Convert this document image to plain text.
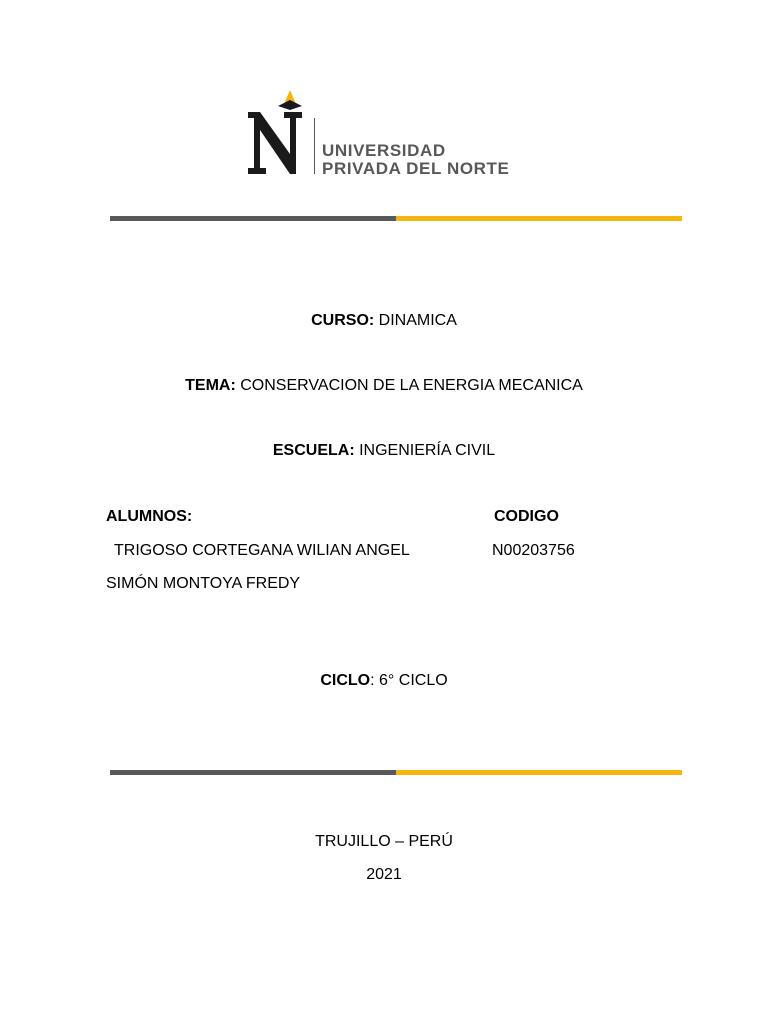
UNIVERSIDAD
PRIVADA DEL NORTE
CURSO: DINAMICA
TEMA: CONSERVACION DE LA ENERGIA MECANICA
ESCUELA: INGENIERÍA CIVIL
ALUMNOS:	CODIGO
TRIGOSO CORTEGANA WILIAN ANGEL	N00203756
SIMÓN MONTOYA FREDY
CICLO: 6° CICLO
TRUJILLO – PERÚ
2021
